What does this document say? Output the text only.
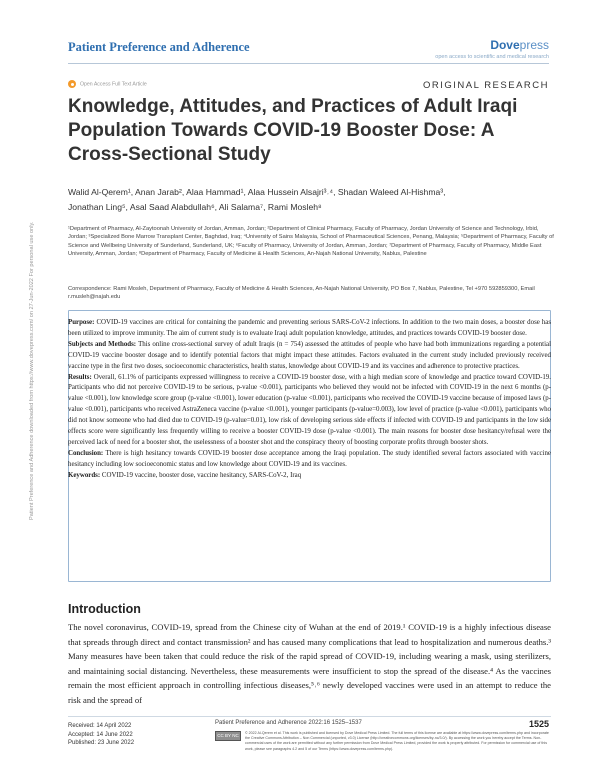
Patient Preference and Adherence	Dovepress
open access to scientific and medical research
Patient Preference and Adherence downloaded from https://www.dovepress.com/ on 27-Jun-2022 For personal use only.
Open Access Full Text Article	ORIGINAL RESEARCH
Knowledge, Attitudes, and Practices of Adult Iraqi Population Towards COVID-19 Booster Dose: A Cross-Sectional Study
Walid Al-Qerem¹, Anan Jarab², Alaa Hammad¹, Alaa Hussein Alsajri³˒⁴, Shadan Waleed Al-Hishma³,
Jonathan Ling⁵, Asal Saad Alabdullah⁶, Ali Salama⁷, Rami Mosleh⁸
¹Department of Pharmacy, Al-Zaytoonah University of Jordan, Amman, Jordan; ²Department of Clinical Pharmacy, Faculty of Pharmacy, Jordan University of Science and Technology, Irbid, Jordan; ³Specialized Bone Marrow Transplant Center, Baghdad, Iraq; ⁴University of Sains Malaysia, School of Pharmaceutical Sciences, Penang, Malaysia; ⁵Department of Pharmacy, Faculty of Science and Wellbeing University of Sunderland, Sunderland, UK; ⁶Faculty of Pharmacy, University of Jordan, Amman, Jordan; ⁷Department of Pharmacy, Faculty of Pharmacy, Middle East University, Amman, Jordan; ⁸Department of Pharmacy, Faculty of Medicine & Health Sciences, An-Najah National University, Nablus, Palestine
Correspondence: Rami Mosleh, Department of Pharmacy, Faculty of Medicine & Health Sciences, An-Najah National University, PO Box 7, Nablus, Palestine, Tel +970 592859300, Email r.musleh@najah.edu

Purpose: COVID-19 vaccines are critical for containing the pandemic and preventing serious SARS-CoV-2 infections. In addition to the two main doses, a booster dose has been utilized to improve immunity. The aim of current study is to evaluate Iraqi adult population knowledge, attitudes, and practices towards COVID-19 booster dose.

Subjects and Methods: This online cross-sectional survey of adult Iraqis (n = 754) assessed the attitudes of people who have had both immunizations regarding a potential COVID-19 vaccine booster dosage and to identify potential factors that might impact these attitudes. Factors evaluated in the current study included previously received vaccine type in the first two doses, socioeconomic characteristics, health status, knowledge about COVID-19 and its vaccines and adherence to protective practices.

Results: Overall, 61.1% of participants expressed willingness to receive a COVID-19 booster dose, with a high median score of knowledge and practice toward COVID-19. Participants who did not perceive COVID-19 to be serious, p-value <0.001), participants who believed they would not be infected with COVID-19 in the next 6 months (p-value <0.001), low knowledge score group (p-value <0.001), lower education (p-value <0.001), participants who received the COVID-19 vaccine because of imposed laws (p-value <0.001), participants who received AstraZeneca vaccine (p-value <0.001), younger participants (p-value=0.003), low level of practice (p-value <0.001), participants who did not know someone who had died due to COVID-19 (p-value=0.01), low risk of developing serious side effects if infected with COVID-19 and participants in the low side effects score were significantly less frequently willing to receive a booster COVID-19 dose (p-value <0.001). The main reasons for booster dose hesitancy/refusal were the perceived lack of need for a booster shot, the uselessness of a booster shot and the conspiracy theory of boosting corporate profits through booster shots.

Conclusion: There is high hesitancy towards COVID-19 booster dose acceptance among the Iraqi population. The study identified several factors associated with vaccine hesitancy including low socioeconomic status and low knowledge about COVID-19 and its vaccines.

Keywords: COVID-19 vaccine, booster dose, vaccine hesitancy, SARS-CoV-2, Iraq

Introduction

The novel coronavirus, COVID-19, spread from the Chinese city of Wuhan at the end of 2019.¹ COVID-19 is a highly infectious disease that spreads through direct and contact transmission² and has caused many complications that lead to hospitalization and numerous deaths.³ Many measures have been taken that could reduce the risk of the rapid spread of COVID-19, including wearing a mask, using sterilizers, and maintaining social distancing. Nevertheless, these measurements were insufficient to stop the spread of the disease.⁴ As the vaccines remain the most efficient approach in controlling infectious diseases,⁵˒⁶ newly developed vaccines were used in an attempt to reduce the risk and the spread of

Received: 14 April 2022
Accepted: 14 June 2022
Published: 23 June 2022
Patient Preference and Adherence 2022:16 1525–1537	1525
CC BY NC	© 2022 Al-Qerem et al. This work is published and licensed by Dove Medical Press Limited. The full terms of this license are available at https://www.dovepress.com/terms.php and incorporate the Creative Commons Attribution – Non Commercial (unported, v3.0) License (http://creativecommons.org/licenses/by-nc/3.0/). By accessing the work you hereby accept the Terms. Non-commercial uses of the work are permitted without any further permission from Dove Medical Press Limited, provided the work is properly attributed. For permission for commercial use of this work, please see paragraphs 4.2 and 5 of our Terms (https://www.dovepress.com/terms.php).
